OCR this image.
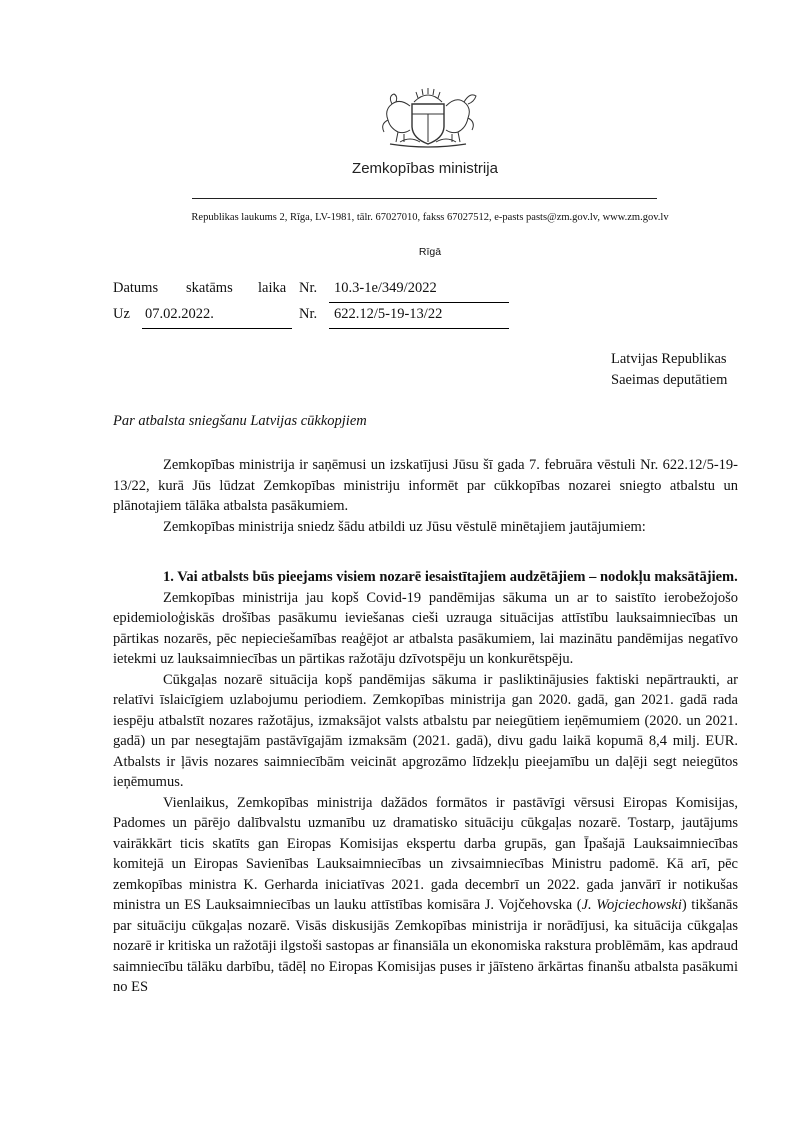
Zemkopības ministrija
Republikas laukums 2, Rīga, LV-1981, tālr. 67027010, fakss 67027512, e-pasts pasts@zm.gov.lv, www.zm.gov.lv
Rīgā
Datums skatāms laika Nr. 10.3-1e/349/2022
Uz 07.02.2022.	Nr. 622.12/5-19-13/22
Latvijas Republikas
Saeimas deputātiem
Par atbalsta sniegšanu Latvijas cūkkopjiem

Zemkopības ministrija ir saņēmusi un izskatījusi Jūsu šī gada 7. februāra vēstuli Nr. 622.12/5-19-13/22, kurā Jūs lūdzat Zemkopības ministriju informēt par cūkkopības nozarei sniegto atbalstu un plānotajiem tālāka atbalsta pasākumiem.

Zemkopības ministrija sniedz šādu atbildi uz Jūsu vēstulē minētajiem jautājumiem:

1. Vai atbalsts būs pieejams visiem nozarē iesaistītajiem audzētājiem – nodokļu maksātājiem.

Zemkopības ministrija jau kopš Covid-19 pandēmijas sākuma un ar to saistīto ierobežojošo epidemioloģiskās drošības pasākumu ieviešanas cieši uzrauga situācijas attīstību lauksaimniecības un pārtikas nozarēs, pēc nepieciešamības reaģējot ar atbalsta pasākumiem, lai mazinātu pandēmijas negatīvo ietekmi uz lauksaimniecības un pārtikas ražotāju dzīvotspēju un konkurētspēju.

Cūkgaļas nozarē situācija kopš pandēmijas sākuma ir pasliktinājusies faktiski nepārtraukti, ar relatīvi īslaicīgiem uzlabojumu periodiem. Zemkopības ministrija gan 2020. gadā, gan 2021. gadā rada iespēju atbalstīt nozares ražotājus, izmaksājot valsts atbalstu par neiegūtiem ieņēmumiem (2020. un 2021. gadā) un par nesegtajām pastāvīgajām izmaksām (2021. gadā), divu gadu laikā kopumā 8,4 milj. EUR. Atbalsts ir ļāvis nozares saimniecībām veicināt apgrozāmo līdzekļu pieejamību un daļēji segt neiegūtos ieņēmumus.

Vienlaikus, Zemkopības ministrija dažādos formātos ir pastāvīgi vērsusi Eiropas Komisijas, Padomes un pārējo dalībvalstu uzmanību uz dramatisko situāciju cūkgaļas nozarē. Tostarp, jautājums vairākkārt ticis skatīts gan Eiropas Komisijas ekspertu darba grupās, gan Īpašajā Lauksaimniecības komitejā un Eiropas Savienības Lauksaimniecības un zivsaimniecības Ministru padomē. Kā arī, pēc zemkopības ministra K. Gerharda iniciatīvas 2021. gada decembrī un 2022. gada janvārī ir notikušas ministra un ES Lauksaimniecības un lauku attīstības komisāra J. Vojčehovska (J. Wojciechowski) tikšanās par situāciju cūkgaļas nozarē. Visās diskusijās Zemkopības ministrija ir norādījusi, ka situācija cūkgaļas nozarē ir kritiska un ražotāji ilgstoši sastopas ar finansiāla un ekonomiska rakstura problēmām, kas apdraud saimniecību tālāku darbību, tādēļ no Eiropas Komisijas puses ir jāīsteno ārkārtas finanšu atbalsta pasākumi no ES
